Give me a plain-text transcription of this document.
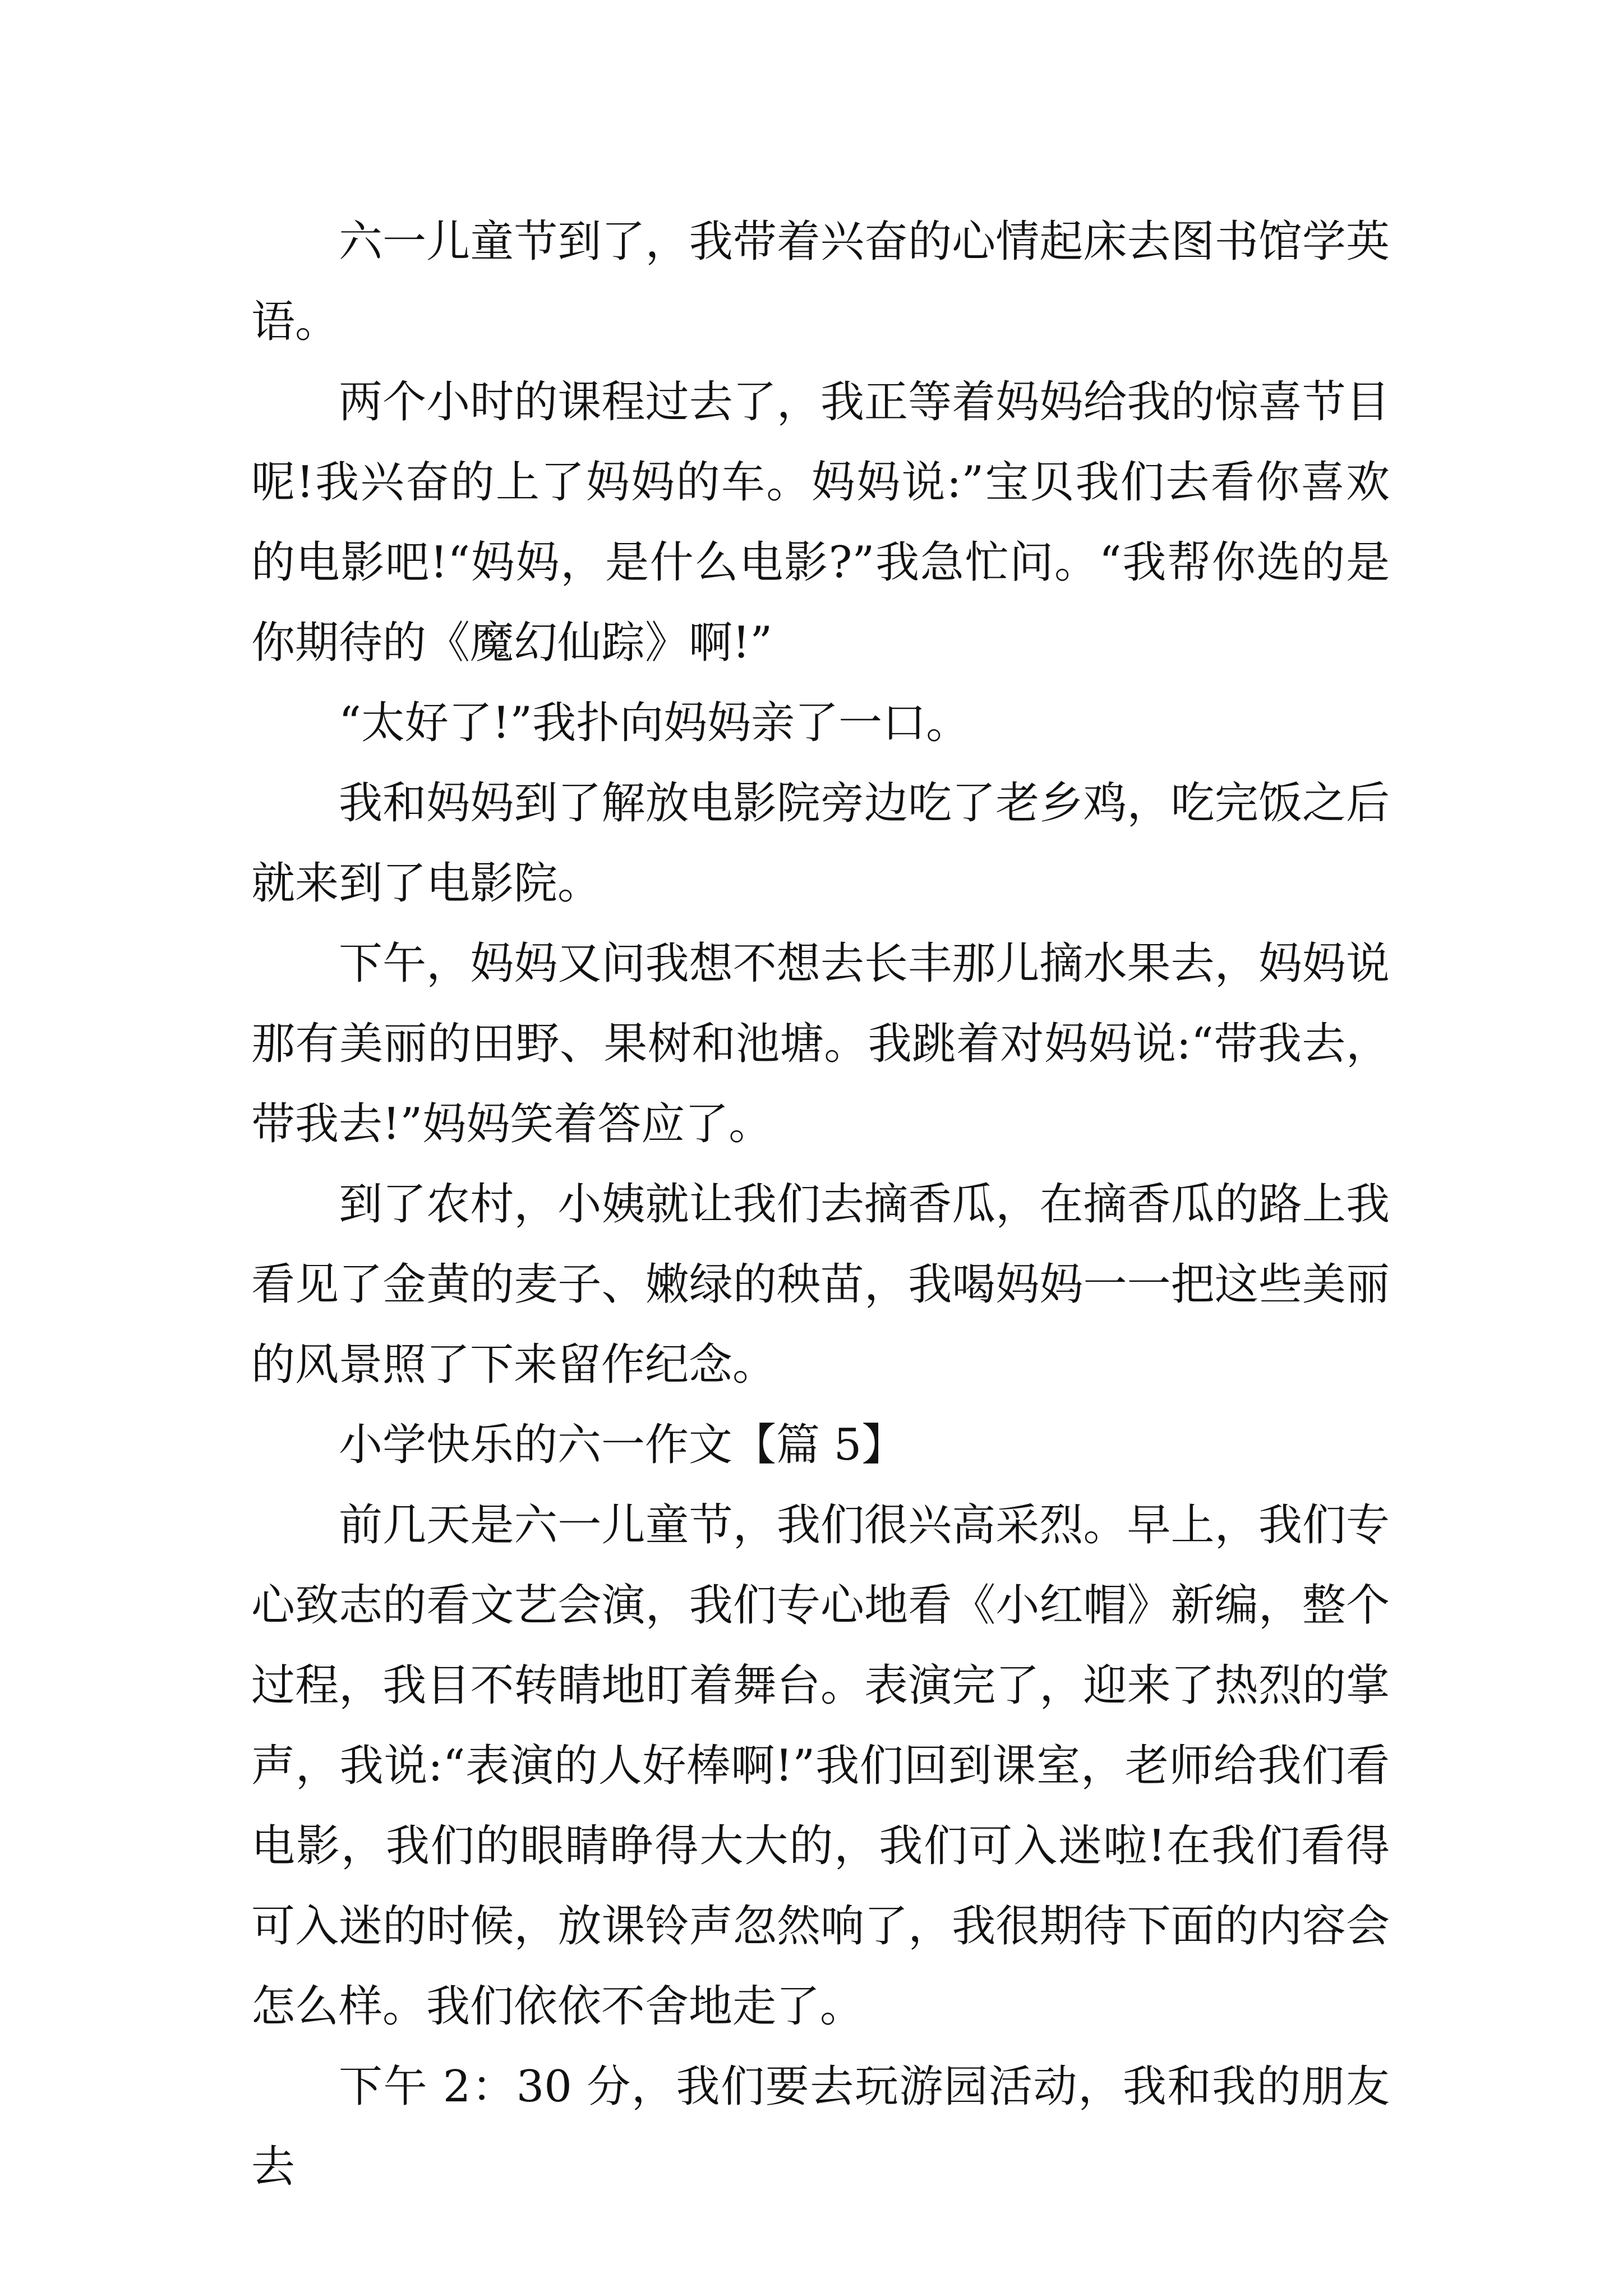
六一儿童节到了，我带着兴奋的心情起床去图书馆学英语。

两个小时的课程过去了，我正等着妈妈给我的惊喜节目呢!我兴奋的上了妈妈的车。妈妈说:”宝贝我们去看你喜欢的电影吧!“妈妈，是什么电影?”我急忙问。“我帮你选的是你期待的《魔幻仙踪》啊!”

“太好了!”我扑向妈妈亲了一口。

我和妈妈到了解放电影院旁边吃了老乡鸡，吃完饭之后就来到了电影院。

下午，妈妈又问我想不想去长丰那儿摘水果去，妈妈说那有美丽的田野、果树和池塘。我跳着对妈妈说:“带我去，带我去!”妈妈笑着答应了。

到了农村，小姨就让我们去摘香瓜，在摘香瓜的路上我看见了金黄的麦子、嫩绿的秧苗，我喝妈妈一一把这些美丽的风景照了下来留作纪念。

小学快乐的六一作文【篇 5】

前几天是六一儿童节，我们很兴高采烈。早上，我们专心致志的看文艺会演，我们专心地看《小红帽》新编，整个过程，我目不转睛地盯着舞台。表演完了，迎来了热烈的掌声，我说:“表演的人好棒啊!”我们回到课室，老师给我们看电影，我们的眼睛睁得大大的，我们可入迷啦!在我们看得可入迷的时候，放课铃声忽然响了，我很期待下面的内容会怎么样。我们依依不舍地走了。

下午 2：30 分，我们要去玩游园活动，我和我的朋友去
